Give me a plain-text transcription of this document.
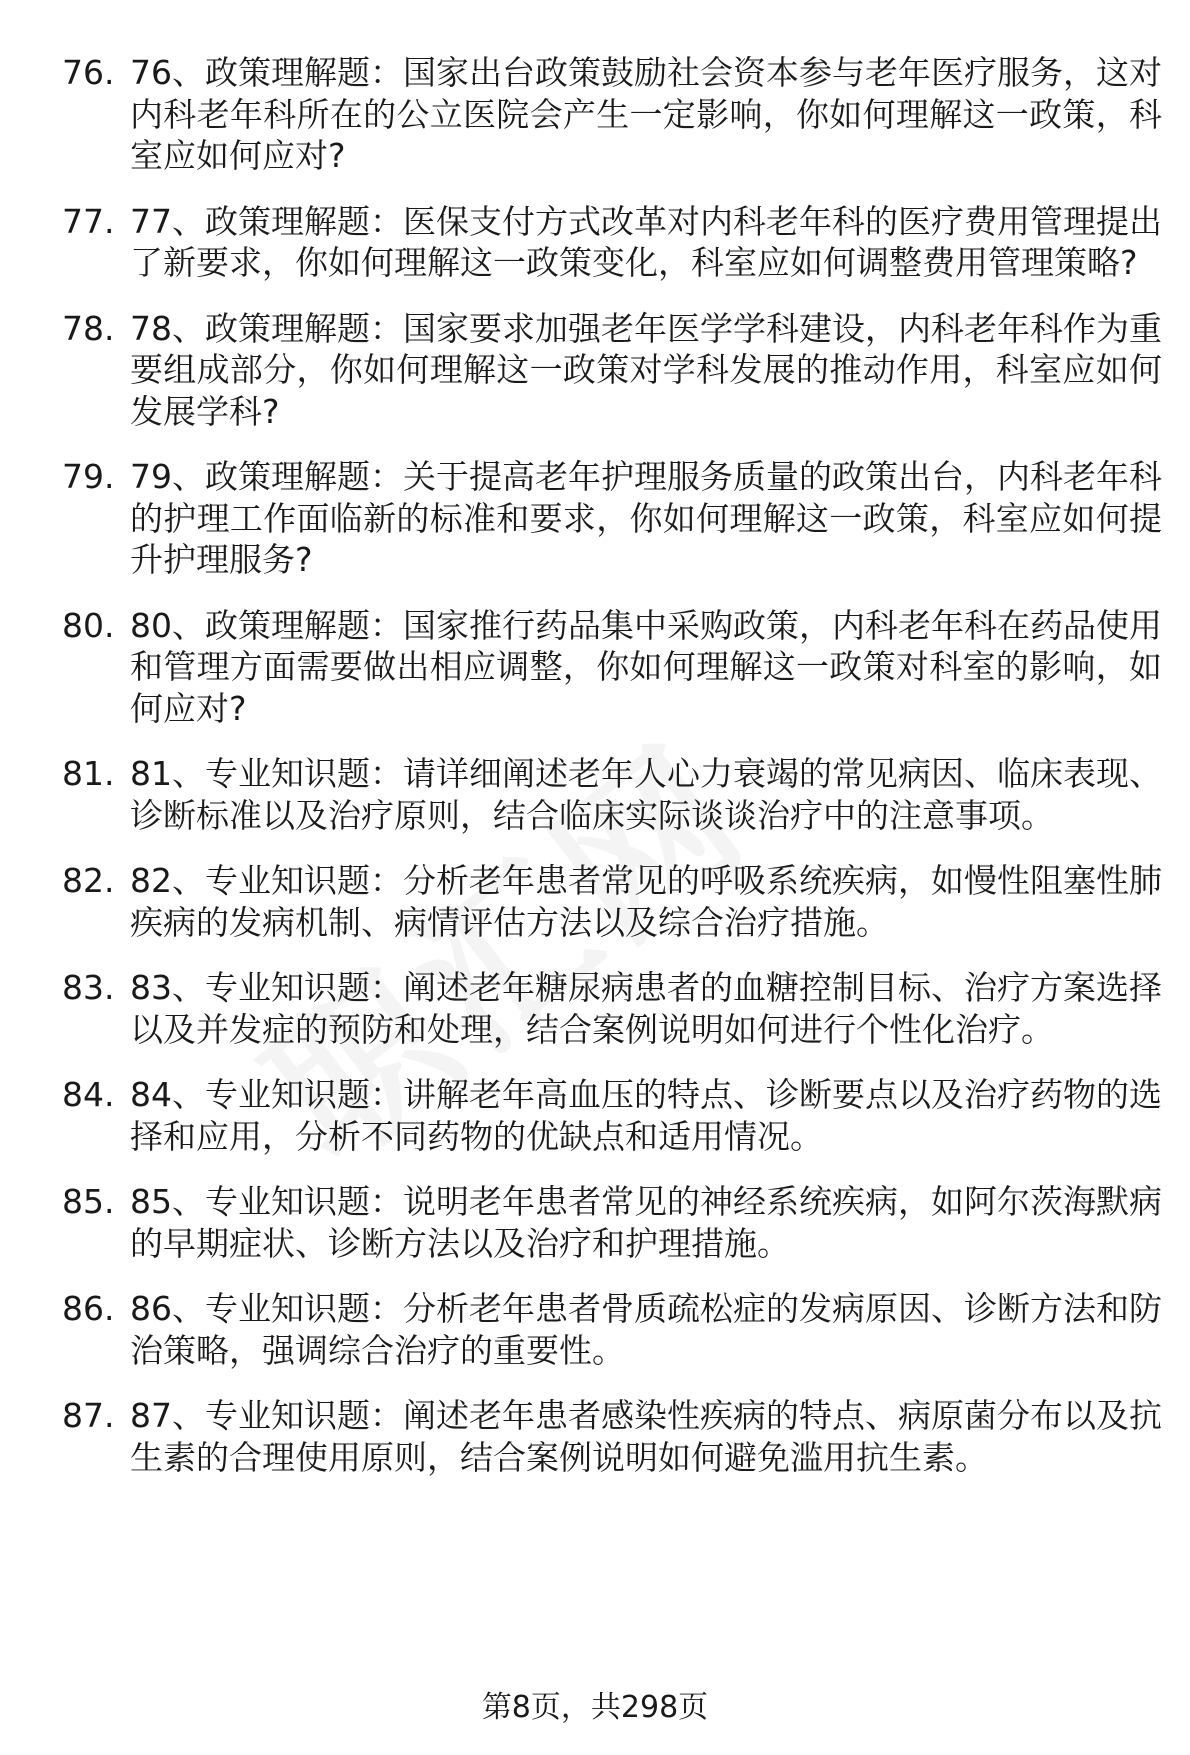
76. 76、政策理解题：国家出台政策鼓励社会资本参与老年医疗服务，这对内科老年科所在的公立医院会产生一定影响，你如何理解这一政策，科室应如何应对?
77. 77、政策理解题：医保支付方式改革对内科老年科的医疗费用管理提出了新要求，你如何理解这一政策变化，科室应如何调整费用管理策略?
78. 78、政策理解题：国家要求加强老年医学学科建设，内科老年科作为重要组成部分，你如何理解这一政策对学科发展的推动作用，科室应如何发展学科?
79. 79、政策理解题：关于提高老年护理服务质量的政策出台，内科老年科的护理工作面临新的标准和要求，你如何理解这一政策，科室应如何提升护理服务?
80. 80、政策理解题：国家推行药品集中采购政策，内科老年科在药品使用和管理方面需要做出相应调整，你如何理解这一政策对科室的影响，如何应对?
81. 81、专业知识题：请详细阐述老年人心力衰竭的常见病因、临床表现、诊断标准以及治疗原则，结合临床实际谈谈治疗中的注意事项。
82. 82、专业知识题：分析老年患者常见的呼吸系统疾病，如慢性阻塞性肺疾病的发病机制、病情评估方法以及综合治疗措施。
83. 83、专业知识题：阐述老年糖尿病患者的血糖控制目标、治疗方案选择以及并发症的预防和处理，结合案例说明如何进行个性化治疗。
84. 84、专业知识题：讲解老年高血压的特点、诊断要点以及治疗药物的选择和应用，分析不同药物的优缺点和适用情况。
85. 85、专业知识题：说明老年患者常见的神经系统疾病，如阿尔茨海默病的早期症状、诊断方法以及治疗和护理措施。
86. 86、专业知识题：分析老年患者骨质疏松症的发病原因、诊断方法和防治策略，强调综合治疗的重要性。
87. 87、专业知识题：阐述老年患者感染性疾病的特点、病原菌分布以及抗生素的合理使用原则，结合案例说明如何避免滥用抗生素。
第8页，共298页
